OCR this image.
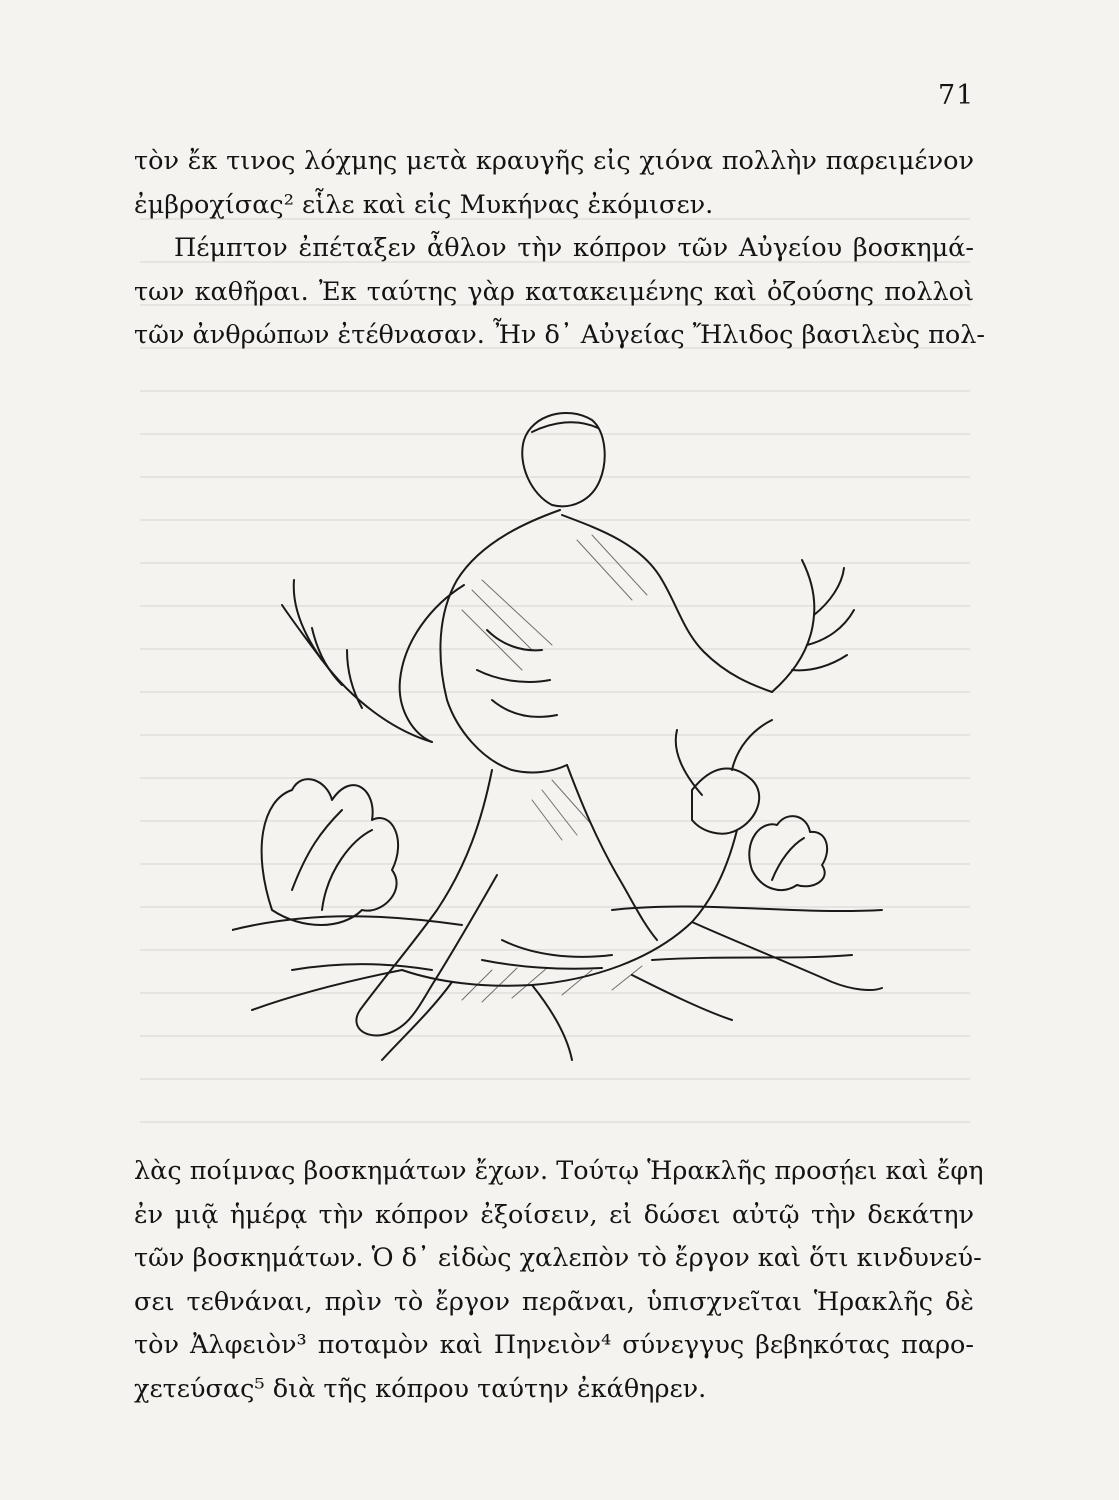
71
τὸν ἔκ τινος λόχμης μετὰ κραυγῆς εἰς χιόνα πολλὴν παρειμένον
ἐμβροχίσας² εἷλε καὶ εἰς Μυκήνας ἐκόμισεν.
Πέμπτον ἐπέταξεν ἆθλον τὴν κόπρον τῶν Αὐγείου βοσκημά-
των καθῆραι. Ἐκ ταύτης γὰρ κατακειμένης καὶ ὀζούσης πολλοὶ
τῶν ἀνθρώπων ἐτέθνασαν. Ἦν δ᾿ Αὐγείας Ἤλιδος βασιλεὺς πολ-
λὰς ποίμνας βοσκημάτων ἔχων. Τούτῳ Ἡρακλῆς προσῄει καὶ ἔφη
ἐν μιᾷ ἡμέρᾳ τὴν κόπρον ἐξοίσειν, εἰ δώσει αὐτῷ τὴν δεκάτην
τῶν βοσκημάτων. Ὁ δ᾿ εἰδὼς χαλεπὸν τὸ ἔργον καὶ ὅτι κινδυνεύ-
σει τεθνάναι, πρὶν τὸ ἔργον περᾶναι, ὑπισχνεῖται Ἡρακλῆς δὲ
τὸν Ἀλφειὸν³ ποταμὸν καὶ Πηνειὸν⁴ σύνεγγυς βεβηκότας παρο-
χετεύσας⁵ διὰ τῆς κόπρου ταύτην ἐκάθηρεν.
